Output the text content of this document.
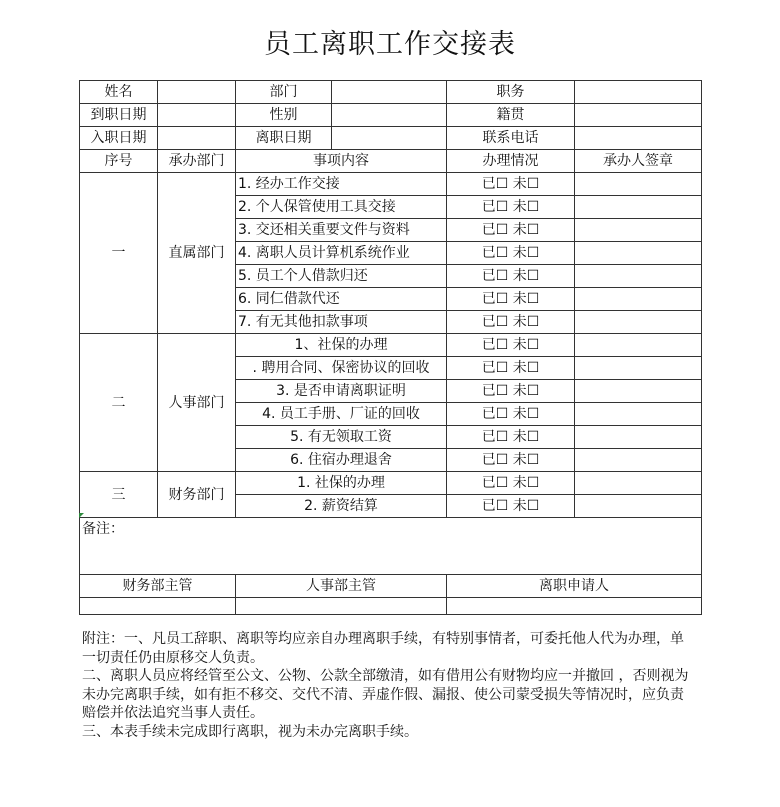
员工离职工作交接表
姓名		部门		职务	
到职日期		性别		籍贯	
入职日期		离职日期		联系电话	
序号	承办部门	事项内容		办理情况	承办人签章
一	直属部门	1. 经办工作交接		已☐ 未☐	
		2. 个人保管使用工具交接		已☐ 未☐	
		3. 交还相关重要文件与资料		已☐ 未☐	
		4. 离职人员计算机系统作业		已☐ 未☐	
		5. 员工个人借款归还		已☐ 未☐	
		6. 同仁借款代还		已☐ 未☐	
		7. 有无其他扣款事项		已☐ 未☐	
二	人事部门	1、社保的办理		已☐ 未☐	
		. 聘用合同、保密协议的回收		已☐ 未☐	
		3. 是否申请离职证明		已☐ 未☐	
		4. 员工手册、厂证的回收		已☐ 未☐	
		5. 有无领取工资		已☐ 未☐	
		6. 住宿办理退舍		已☐ 未☐	
三	财务部门	1. 社保的办理		已☐ 未☐	
		2. 薪资结算		已☐ 未☐	
备注：					
财务部主管		人事部主管		离职申请人	

附注：一、凡员工辞职、离职等均应亲自办理离职手续，有特别事情者，可委托他人代为办理，单一切责任仍由原移交人负责。

二、离职人员应将经管至公文、公物、公款全部缴清，如有借用公有财物均应一并撤回 ，否则视为未办完离职手续，如有拒不移交、交代不清、弄虚作假、漏报、使公司蒙受损失等情况时，应负责赔偿并依法追究当事人责任。

三、本表手续未完成即行离职，视为未办完离职手续。
